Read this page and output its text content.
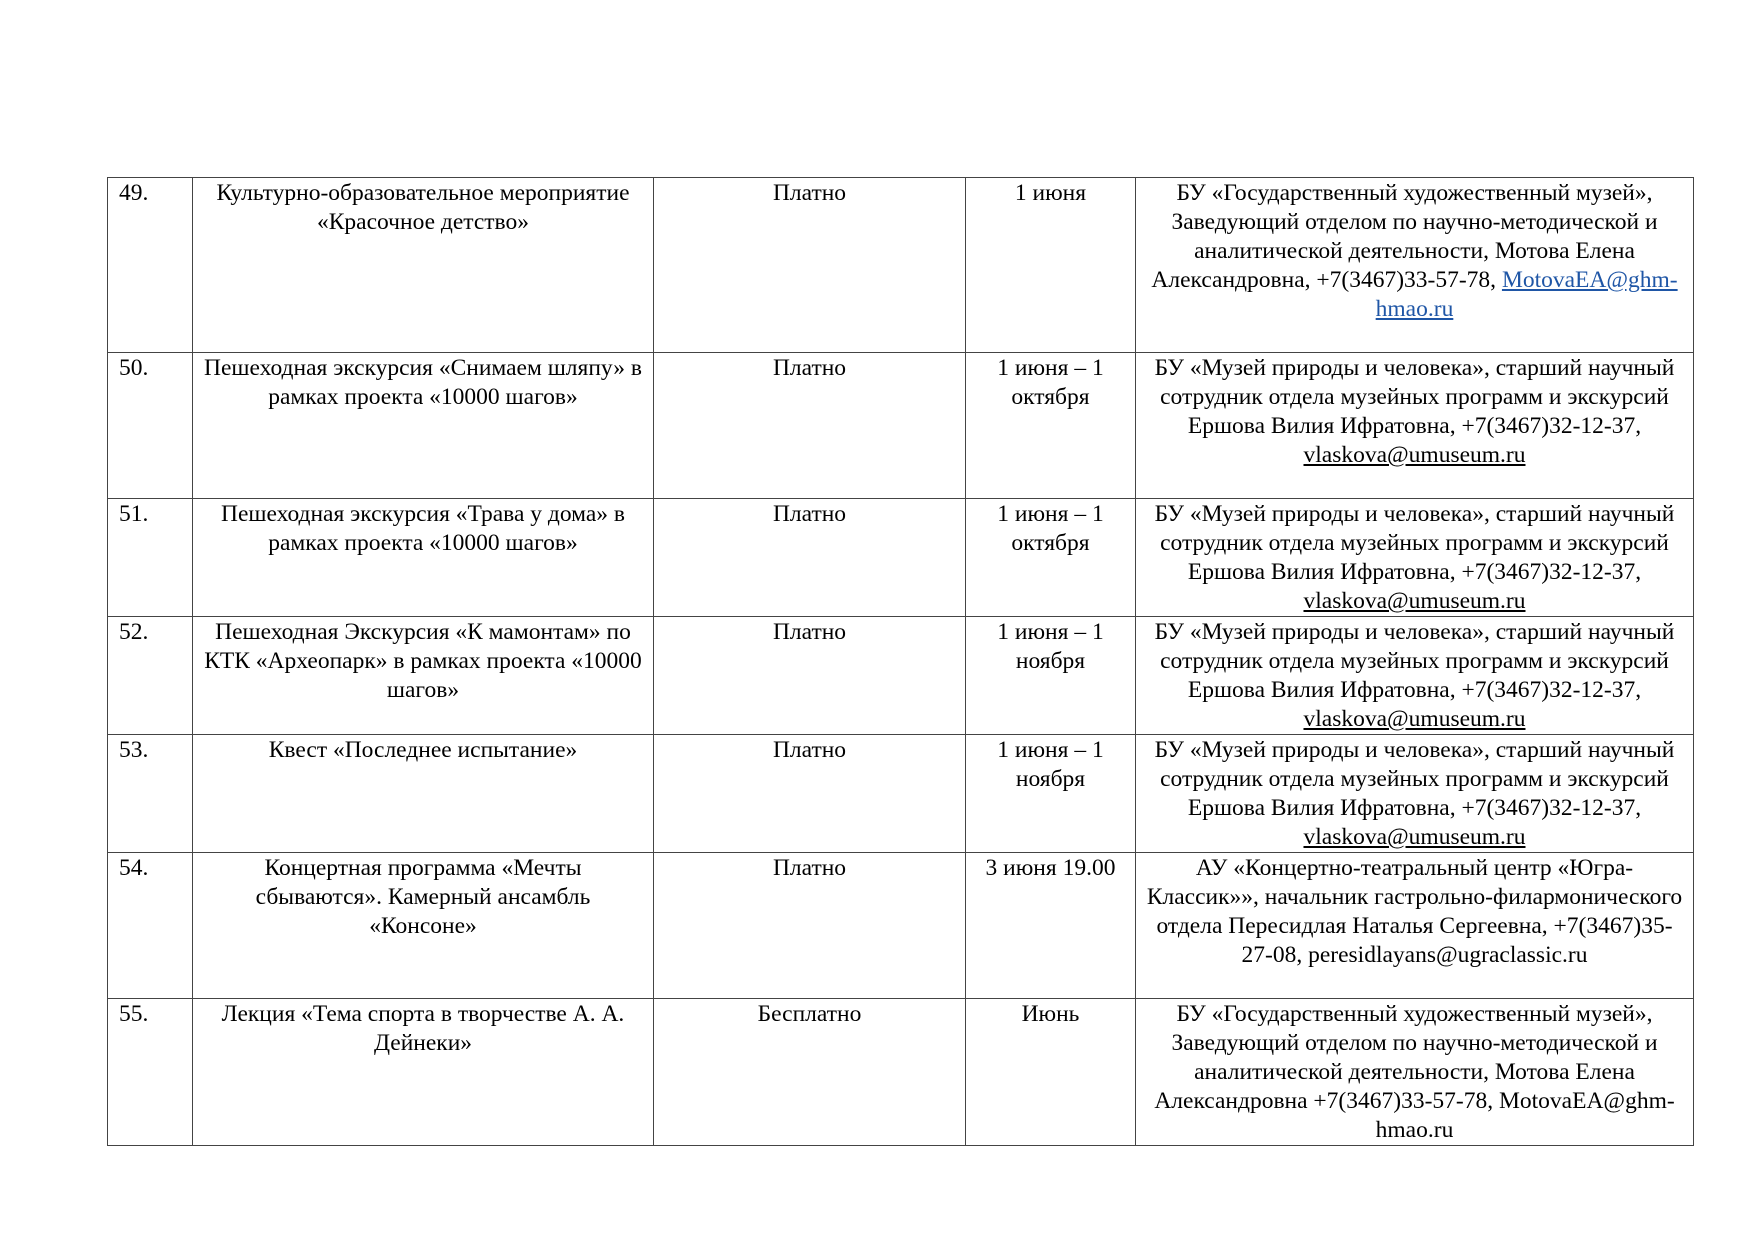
49.	Культурно-образовательное мероприятие «Красочное детство»	Платно	1 июня	БУ «Государственный художественный музей», Заведующий отделом по научно-методической и аналитической деятельности, Мотова Елена Александровна, +7(3467)33-57-78, MotovaEA@ghm-hmao.ru
50.	Пешеходная экскурсия «Снимаем шляпу» в рамках проекта «10000 шагов»	Платно	1 июня – 1 октября	БУ «Музей природы и человека», старший научный сотрудник отдела музейных программ и экскурсий Ершова Вилия Ифратовна, +7(3467)32-12-37, vlaskova@umuseum.ru
51.	Пешеходная экскурсия «Трава у дома» в рамках проекта «10000 шагов»	Платно	1 июня – 1 октября	БУ «Музей природы и человека», старший научный сотрудник отдела музейных программ и экскурсий Ершова Вилия Ифратовна, +7(3467)32-12-37, vlaskova@umuseum.ru
52.	Пешеходная Экскурсия «К мамонтам» по КТК «Археопарк» в рамках проекта «10000 шагов»	Платно	1 июня – 1 ноября	БУ «Музей природы и человека», старший научный сотрудник отдела музейных программ и экскурсий Ершова Вилия Ифратовна, +7(3467)32-12-37, vlaskova@umuseum.ru
53.	Квест «Последнее испытание»	Платно	1 июня – 1 ноября	БУ «Музей природы и человека», старший научный сотрудник отдела музейных программ и экскурсий Ершова Вилия Ифратовна, +7(3467)32-12-37, vlaskova@umuseum.ru
54.	Концертная программа «Мечты сбываются». Камерный ансамбль «Консоне»	Платно	3 июня 19.00	АУ «Концертно-театральный центр «Югра-Классик»», начальник гастрольно-филармонического отдела Пересидлая Наталья Сергеевна, +7(3467)35-27-08, peresidlayans@ugraclassic.ru
55.	Лекция «Тема спорта в творчестве А. А. Дейнеки»	Бесплатно	Июнь	БУ «Государственный художественный музей», Заведующий отделом по научно-методической и аналитической деятельности, Мотова Елена Александровна +7(3467)33-57-78, MotovaEA@ghm-hmao.ru
